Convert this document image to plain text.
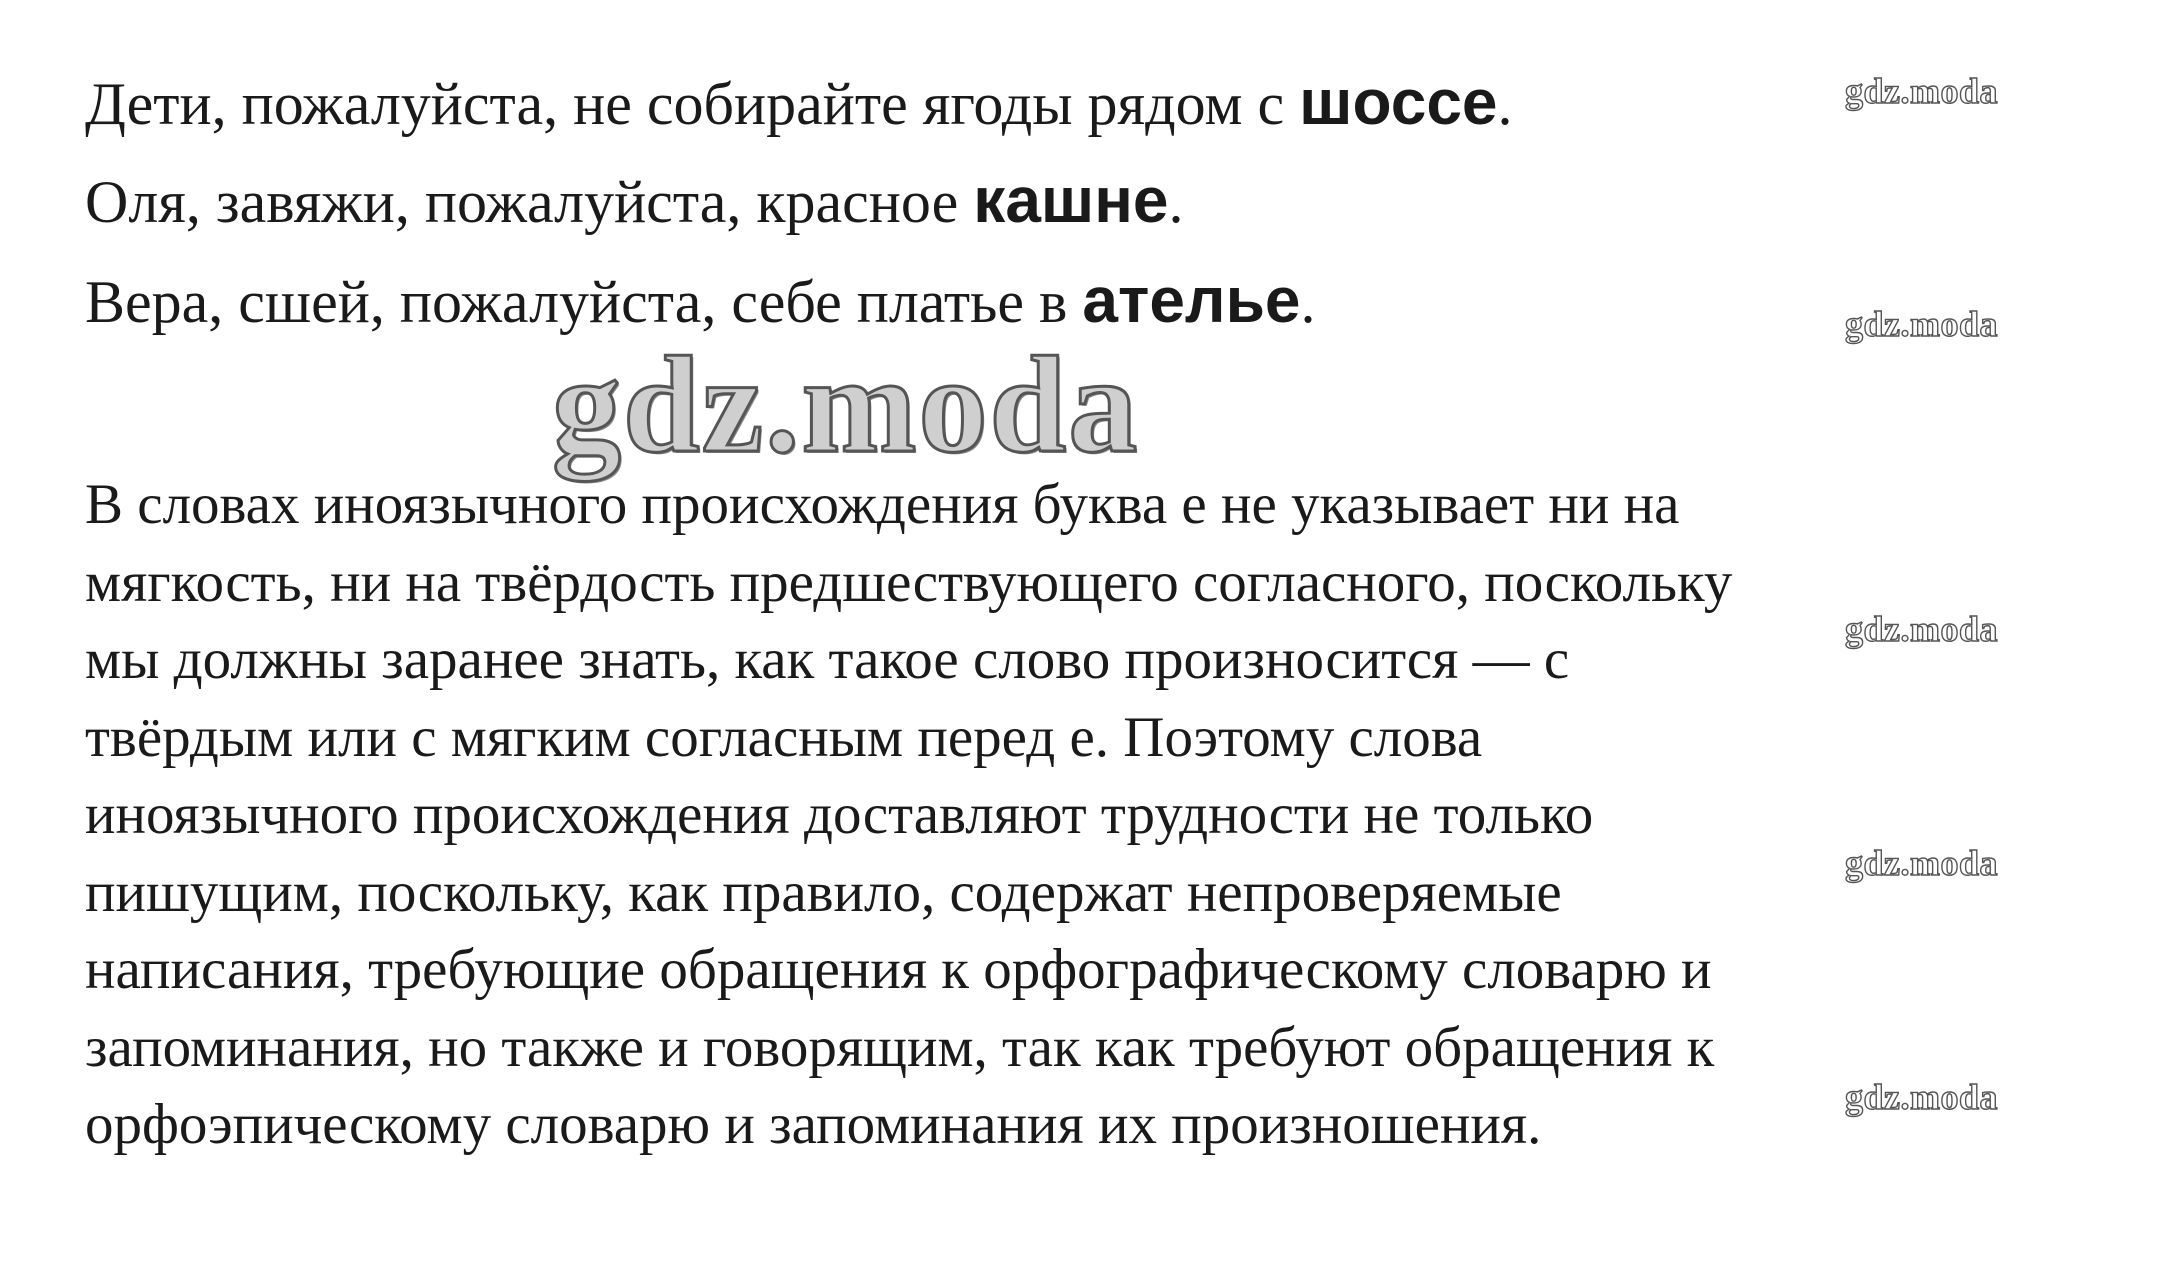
Дети, пожалуйста, не собирайте ягоды рядом с шоссе.
Оля, завяжи, пожалуйста, красное кашне.
Вера, сшей, пожалуйста, себе платье в ателье.
В словах иноязычного происхождения буква е не указывает ни на
мягкость, ни на твёрдость предшествующего согласного, поскольку
мы должны заранее знать, как такое слово произносится — с
твёрдым или с мягким согласным перед е. Поэтому слова
иноязычного происхождения доставляют трудности не только
пишущим, поскольку, как правило, содержат непроверяемые
написания, требующие обращения к орфографическому словарю и
запоминания, но также и говорящим, так как требуют обращения к
орфоэпическому словарю и запоминания их произношения.
gdz.moda
gdz.moda
gdz.moda
gdz.moda
gdz.moda
gdz.moda
